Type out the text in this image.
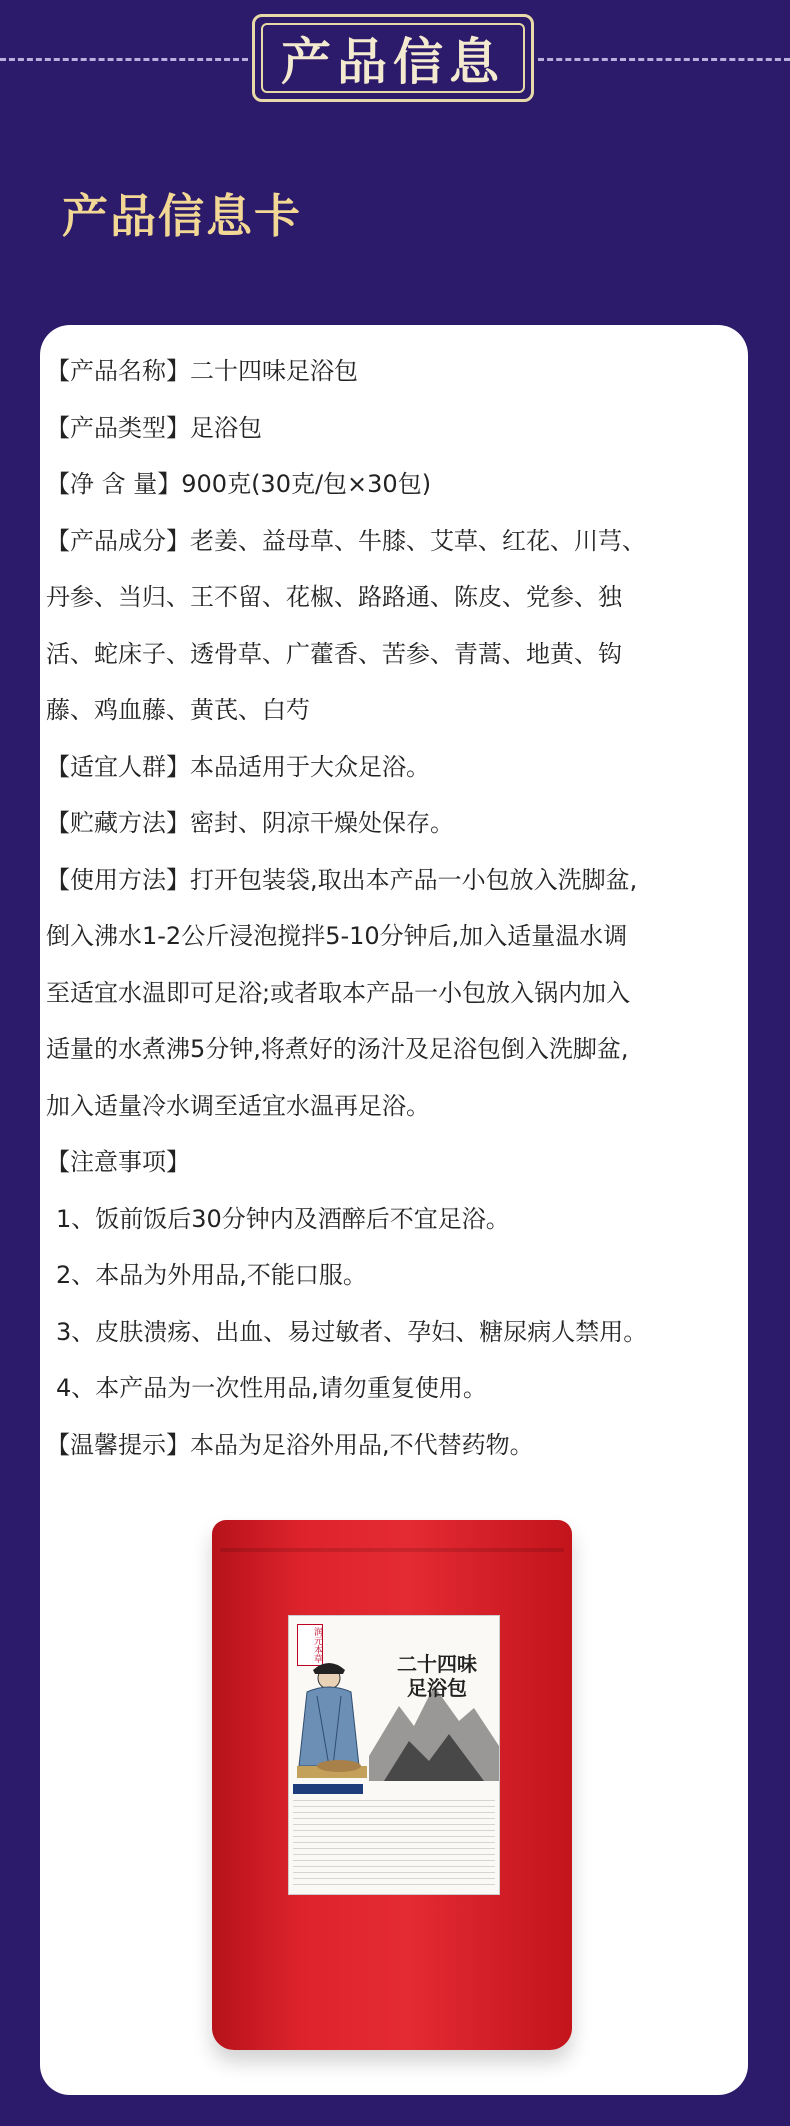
产品信息
产品信息卡
【产品名称】二十四味足浴包
【产品类型】足浴包
【净 含 量】900克(30克/包×30包)
【产品成分】老姜、益母草、牛膝、艾草、红花、川芎、
丹参、当归、王不留、花椒、路路通、陈皮、党参、独
活、蛇床子、透骨草、广藿香、苦参、青蒿、地黄、钩
藤、鸡血藤、黄芪、白芍
【适宜人群】本品适用于大众足浴。
【贮藏方法】密封、阴凉干燥处保存。
【使用方法】打开包装袋,取出本产品一小包放入洗脚盆,
倒入沸水1-2公斤浸泡搅拌5-10分钟后,加入适量温水调
至适宜水温即可足浴;或者取本产品一小包放入锅内加入
适量的水煮沸5分钟,将煮好的汤汁及足浴包倒入洗脚盆,
加入适量冷水调至适宜水温再足浴。
【注意事项】
1、饭前饭后30分钟内及酒醉后不宜足浴。
2、本品为外用品,不能口服。
3、皮肤溃疡、出血、易过敏者、孕妇、糖尿病人禁用。
4、本产品为一次性用品,请勿重复使用。
【温馨提示】本品为足浴外用品,不代替药物。
润元本草
二十四味
足浴包
